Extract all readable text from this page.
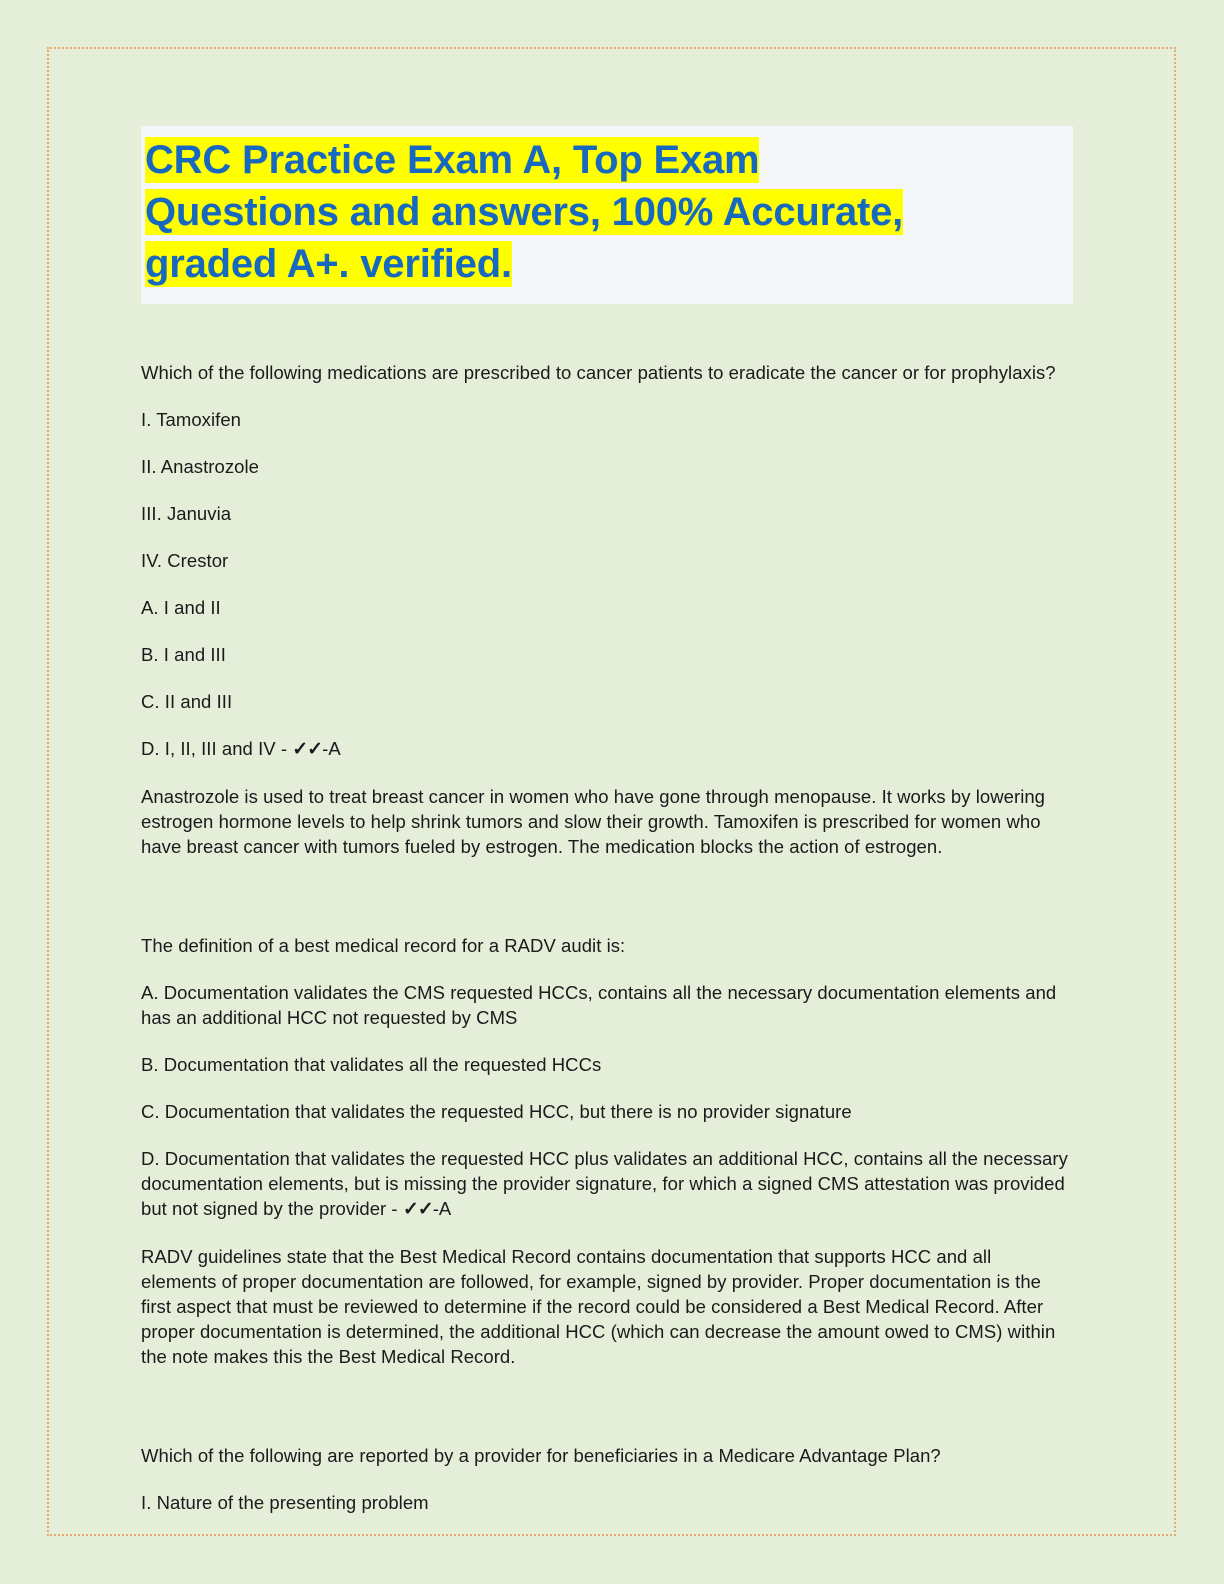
CRC Practice Exam A, Top Exam
Questions and answers, 100% Accurate,
graded A+. verified.

Which of the following medications are prescribed to cancer patients to eradicate the cancer or for prophylaxis?

I. Tamoxifen

II. Anastrozole

III. Januvia

IV. Crestor

A. I and II

B. I and III

C. II and III

D. I, II, III and IV - ✓✓-A

Anastrozole is used to treat breast cancer in women who have gone through menopause. It works by lowering estrogen hormone levels to help shrink tumors and slow their growth. Tamoxifen is prescribed for women who have breast cancer with tumors fueled by estrogen. The medication blocks the action of estrogen.

The definition of a best medical record for a RADV audit is:

A. Documentation validates the CMS requested HCCs, contains all the necessary documentation elements and has an additional HCC not requested by CMS

B. Documentation that validates all the requested HCCs

C. Documentation that validates the requested HCC, but there is no provider signature

D. Documentation that validates the requested HCC plus validates an additional HCC, contains all the necessary documentation elements, but is missing the provider signature, for which a signed CMS attestation was provided but not signed by the provider - ✓✓-A

RADV guidelines state that the Best Medical Record contains documentation that supports HCC and all elements of proper documentation are followed, for example, signed by provider. Proper documentation is the first aspect that must be reviewed to determine if the record could be considered a Best Medical Record. After proper documentation is determined, the additional HCC (which can decrease the amount owed to CMS) within the note makes this the Best Medical Record.

Which of the following are reported by a provider for beneficiaries in a Medicare Advantage Plan?

I. Nature of the presenting problem
